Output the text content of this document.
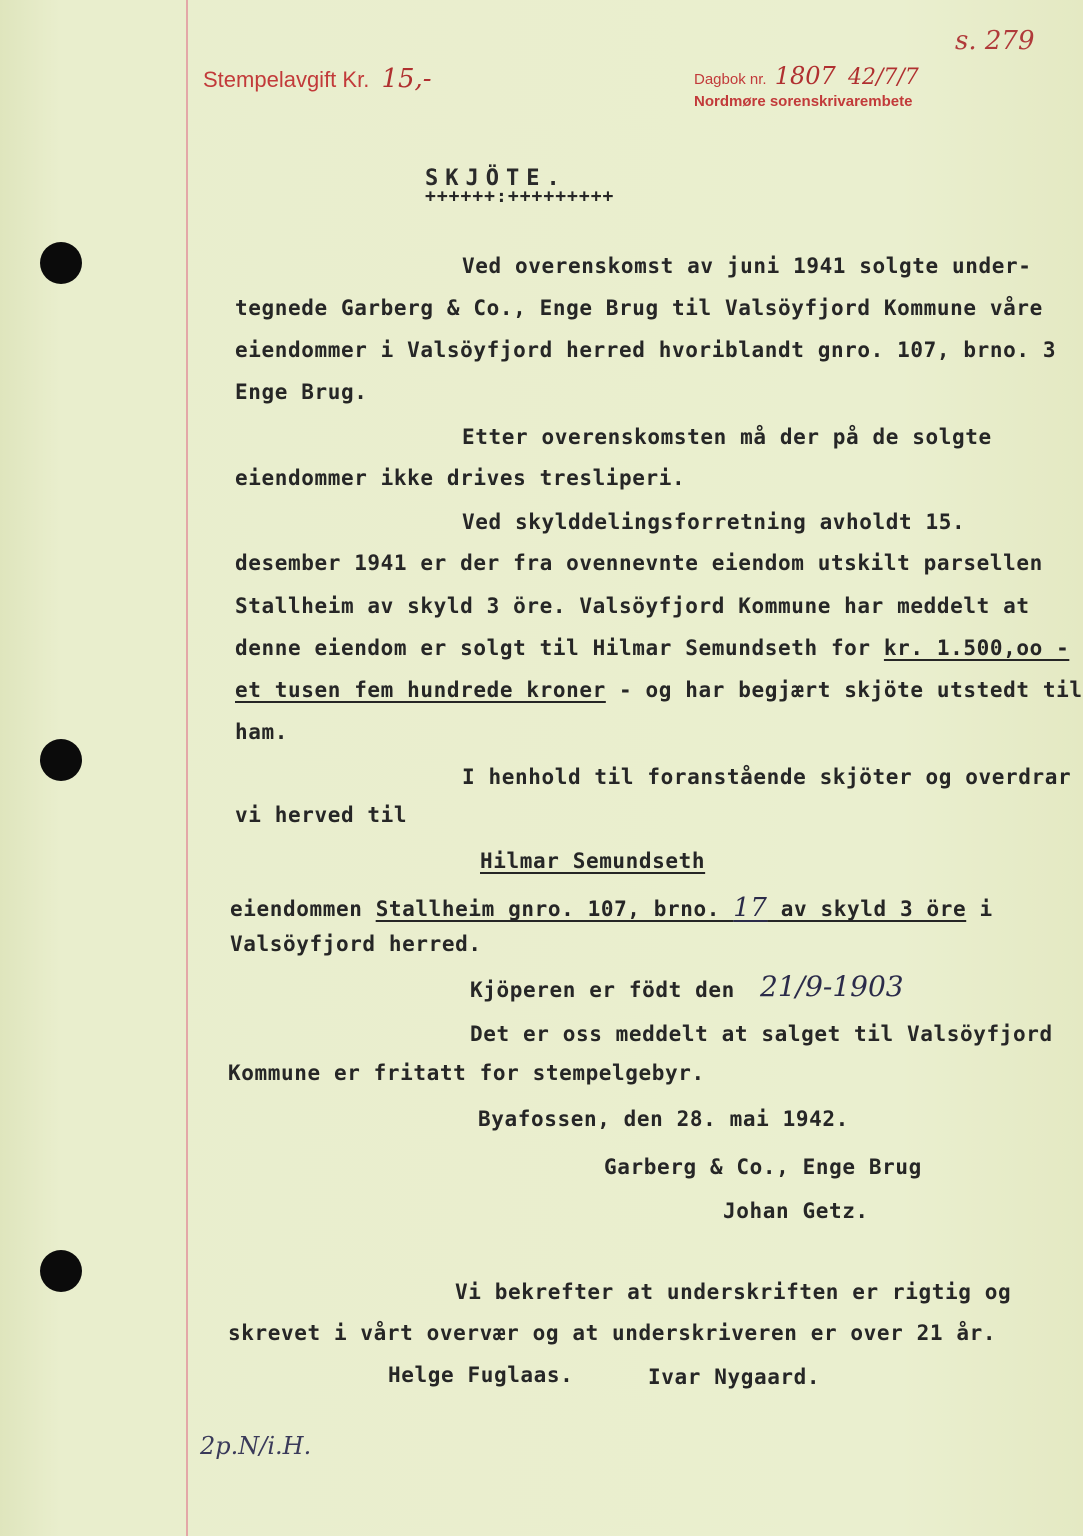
Stempelavgift Kr. 15,-
s. 279
Dagbok nr. 1807 42/7/7
Nordmøre sorenskrivarembete
SKJÖTE.
++++++:+++++++++
Ved overenskomst av juni 1941 solgte under-
tegnede Garberg & Co., Enge Brug til Valsöyfjord Kommune våre
eiendommer i Valsöyfjord herred hvoriblandt gnro. 107, brno. 3
Enge Brug.
Etter overenskomsten må der på de solgte
eiendommer ikke drives tresliperi.
Ved skylddelingsforretning avholdt 15.
desember 1941 er der fra ovennevnte eiendom utskilt parsellen
Stallheim av skyld 3 öre. Valsöyfjord Kommune har meddelt at
denne eiendom er solgt til Hilmar Semundseth for kr. 1.500,oo -
et tusen fem hundrede kroner - og har begjært skjöte utstedt til
ham.
I henhold til foranstående skjöter og overdrar
vi herved til
Hilmar Semundseth
eiendommen Stallheim gnro. 107, brno. 17 av skyld 3 öre i
Valsöyfjord herred.
Kjöperen er födt den 21/9-1903
Det er oss meddelt at salget til Valsöyfjord
Kommune er fritatt for stempelgebyr.
Byafossen, den 28. mai 1942.
Garberg & Co., Enge Brug
Johan Getz.
Vi bekrefter at underskriften er rigtig og
skrevet i vårt overvær og at underskriveren er over 21 år.
Helge Fuglaas.	Ivar Nygaard.
2p.N/i.H.
